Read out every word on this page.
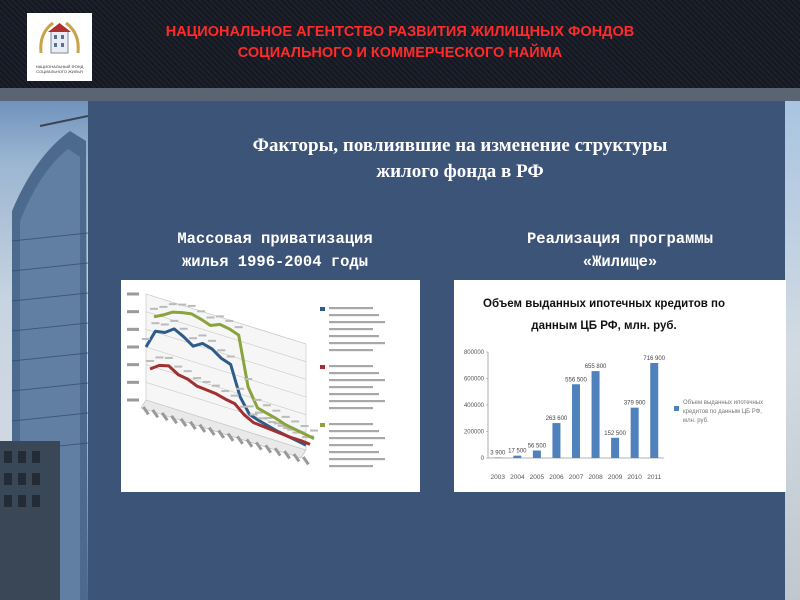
НАЦИОНАЛЬНЫЙ ФОНД СОЦИАЛЬНОГО ЖИЛЬЯ
НАЦИОНАЛЬНОЕ АГЕНТСТВО РАЗВИТИЯ ЖИЛИЩНЫХ ФОНДОВ
СОЦИАЛЬНОГО И КОММЕРЧЕСКОГО НАЙМА
Факторы, повлиявшие на изменение структуры
жилого фонда в РФ
Массовая приватизация
жилья 1996-2004 годы
Реализация программы
«Жилище»
Объем выданных ипотечных кредитов по
данным ЦБ РФ, млн. руб.
0
200000
400000
600000
800000
3 900
2003
17 500
2004
56 500
2005
263 600
2006
556 500
2007
655 800
2008
152 500
2009
379 900
2010
716 900
2011
Объем выданных ипотечных кредитов по данным ЦБ РФ, млн. руб.
